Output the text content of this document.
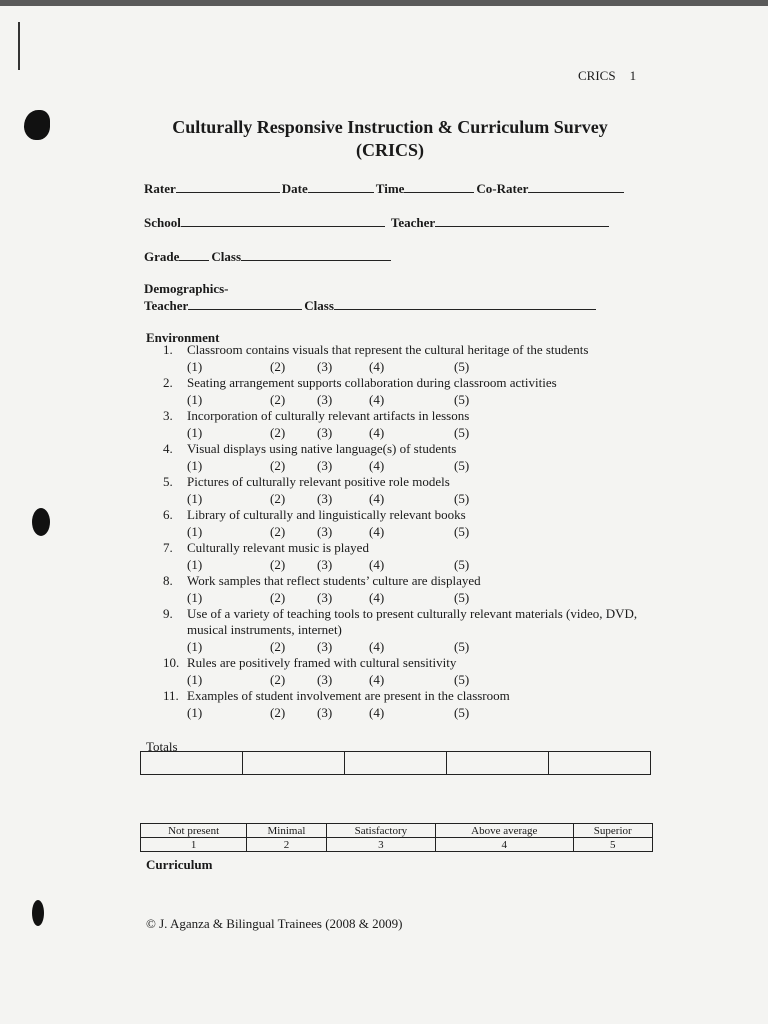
CRICS 1
Culturally Responsive Instruction & Curriculum Survey
(CRICS)
Rater	Date	Time	Co-Rater
School	Teacher
Grade Class
Demographics-
Teacher	Class
Environment
1.	Classroom contains visuals that represent the cultural heritage of the students
(1)	(2) (3)	(4)	(5)
2.	Seating arrangement supports collaboration during classroom activities
(1)	(2) (3)	(4)	(5)
3.	Incorporation of culturally relevant artifacts in lessons
(1)	(2) (3)	(4)	(5)
4.	Visual displays using native language(s) of students
(1)	(2) (3)	(4)	(5)
5.	Pictures of culturally relevant positive role models
(1)	(2) (3)	(4)	(5)
6.	Library of culturally and linguistically relevant books
(1)	(2) (3)	(4)	(5)
7.	Culturally relevant music is played
(1)	(2) (3)	(4)	(5)
8.	Work samples that reflect students’ culture are displayed
(1)	(2) (3)	(4)	(5)
9.	Use of a variety of teaching tools to present culturally relevant materials (video, DVD, musical instruments, internet)
(1)	(2) (3)	(4)	(5)
10. Rules are positively framed with cultural sensitivity
(1)	(2) (3)	(4)	(5)
11. Examples of student involvement are present in the classroom
(1)	(2) (3)	(4)	(5)
Totals
Not present	Minimal	Satisfactory	Above average	Superior
1	2	3	4	5
Curriculum
© J. Aganza & Bilingual Trainees (2008 & 2009)
